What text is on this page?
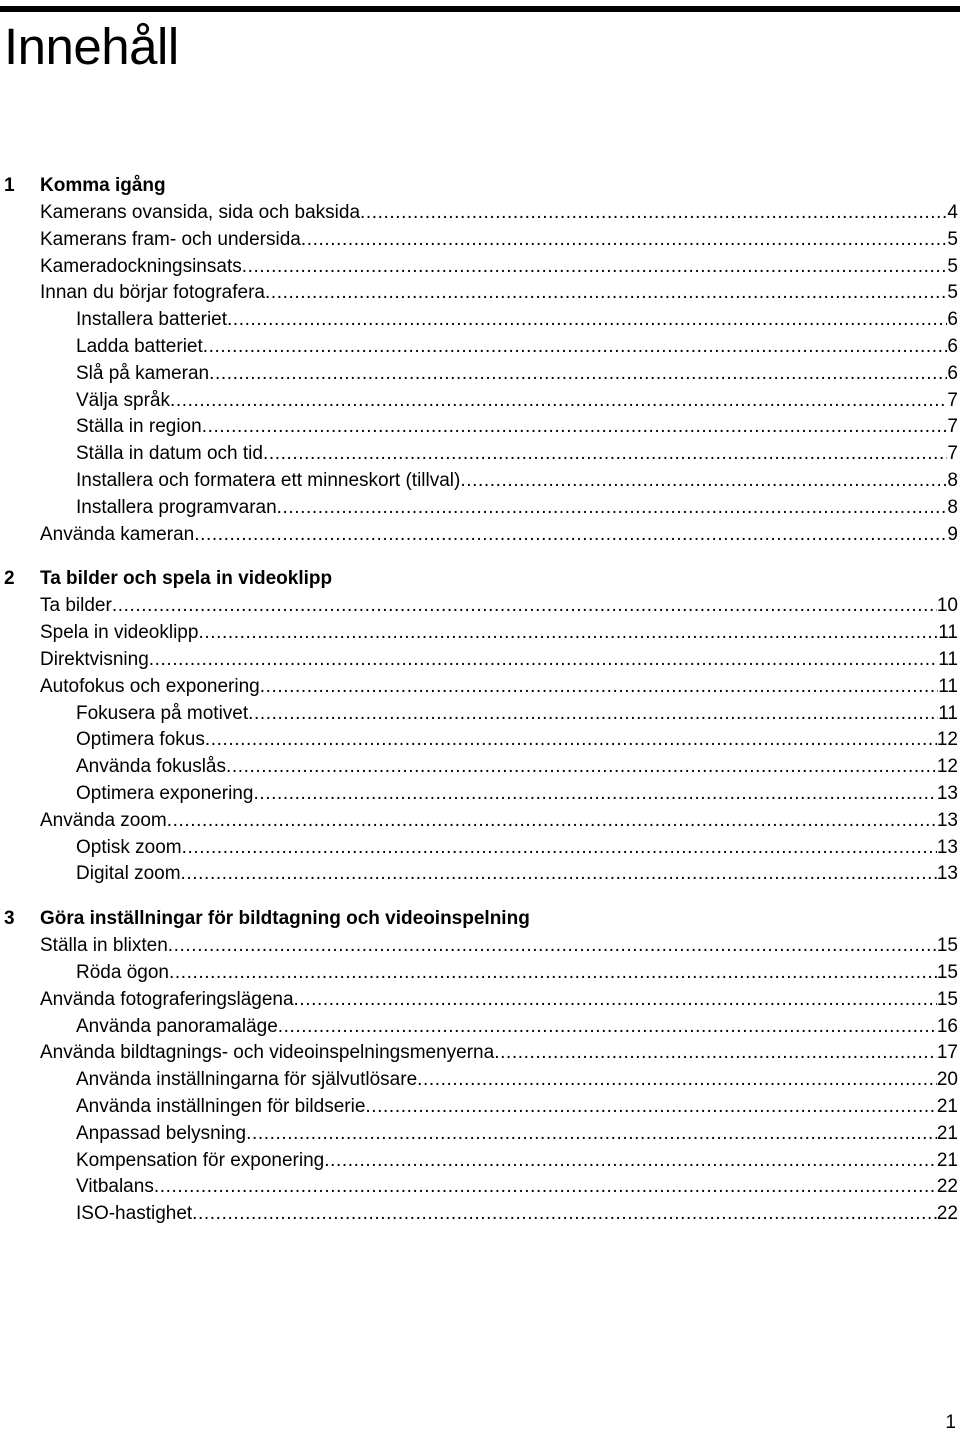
Innehåll
1 Komma igång
Kamerans ovansida, sida och baksida .....	4
Kamerans fram- och undersida .....	5
Kameradockningsinsats .....	5
Innan du börjar fotografera .....	5
Installera batteriet .....	6
Ladda batteriet .....	6
Slå på kameran .....	6
Välja språk .....	7
Ställa in region .....	7
Ställa in datum och tid .....	7
Installera och formatera ett minneskort (tillval) .....	8
Installera programvaran .....	8
Använda kameran .....	9
2 Ta bilder och spela in videoklipp
Ta bilder .....	10
Spela in videoklipp .....	11
Direktvisning .....	11
Autofokus och exponering .....	11
Fokusera på motivet .....	11
Optimera fokus .....	12
Använda fokuslås .....	12
Optimera exponering .....	13
Använda zoom .....	13
Optisk zoom .....	13
Digital zoom .....	13
3 Göra inställningar för bildtagning och videoinspelning
Ställa in blixten .....	15
Röda ögon .....	15
Använda fotograferingslägena .....	15
Använda panoramaläge .....	16
Använda bildtagnings- och videoinspelningsmenyerna .....	17
Använda inställningarna för självutlösare .....	20
Använda inställningen för bildserie .....	21
Anpassad belysning .....	21
Kompensation för exponering .....	21
Vitbalans .....	22
ISO-hastighet .....	22
1
